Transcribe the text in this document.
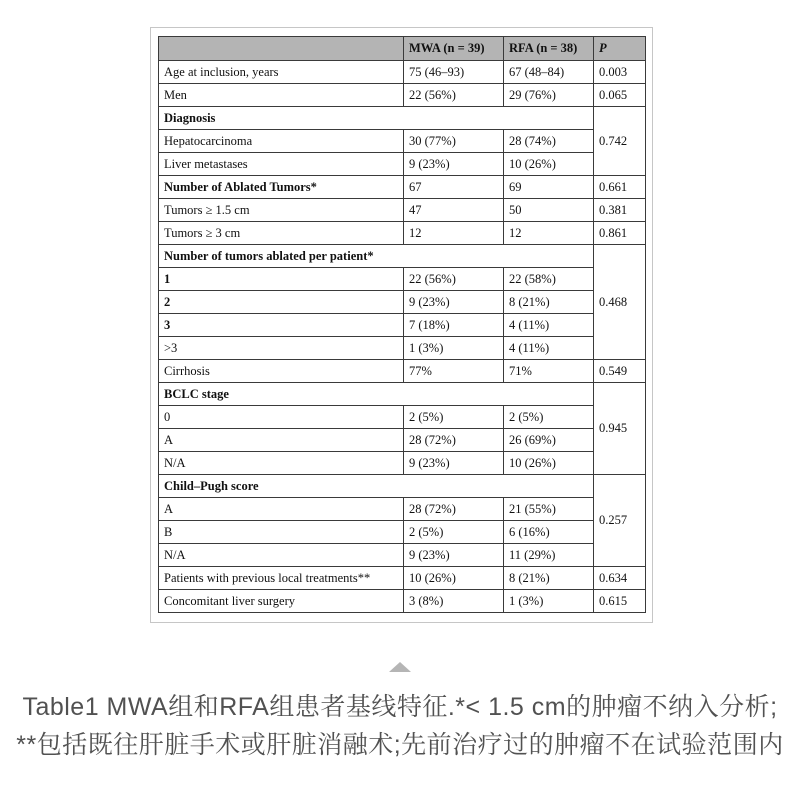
	MWA (n = 39)	RFA (n = 38)	P
Age at inclusion, years	75 (46–93)	67 (48–84)	0.003
Men	22 (56%)	29 (76%)	0.065
Diagnosis			0.742
Hepatocarcinoma	30 (77%)	28 (74%)	
Liver metastases	9 (23%)	10 (26%)	
Number of Ablated Tumors*	67	69	0.661
Tumors ≥ 1.5 cm	47	50	0.381
Tumors ≥ 3 cm	12	12	0.861
Number of tumors ablated per patient*			0.468
1	22 (56%)	22 (58%)	
2	9 (23%)	8 (21%)	
3	7 (18%)	4 (11%)	
>3	1 (3%)	4 (11%)	
Cirrhosis	77%	71%	0.549
BCLC stage			0.945
0	2 (5%)	2 (5%)	
A	28 (72%)	26 (69%)	
N/A	9 (23%)	10 (26%)	
Child–Pugh score			0.257
A	28 (72%)	21 (55%)	
B	2 (5%)	6 (16%)	
N/A	9 (23%)	11 (29%)	
Patients with previous local treatments**	10 (26%)	8 (21%)	0.634
Concomitant liver surgery	3 (8%)	1 (3%)	0.615
Table1 MWA组和RFA组患者基线特征.*< 1.5 cm的肿瘤不纳入分析;
**包括既往肝脏手术或肝脏消融术;先前治疗过的肿瘤不在试验范围内
